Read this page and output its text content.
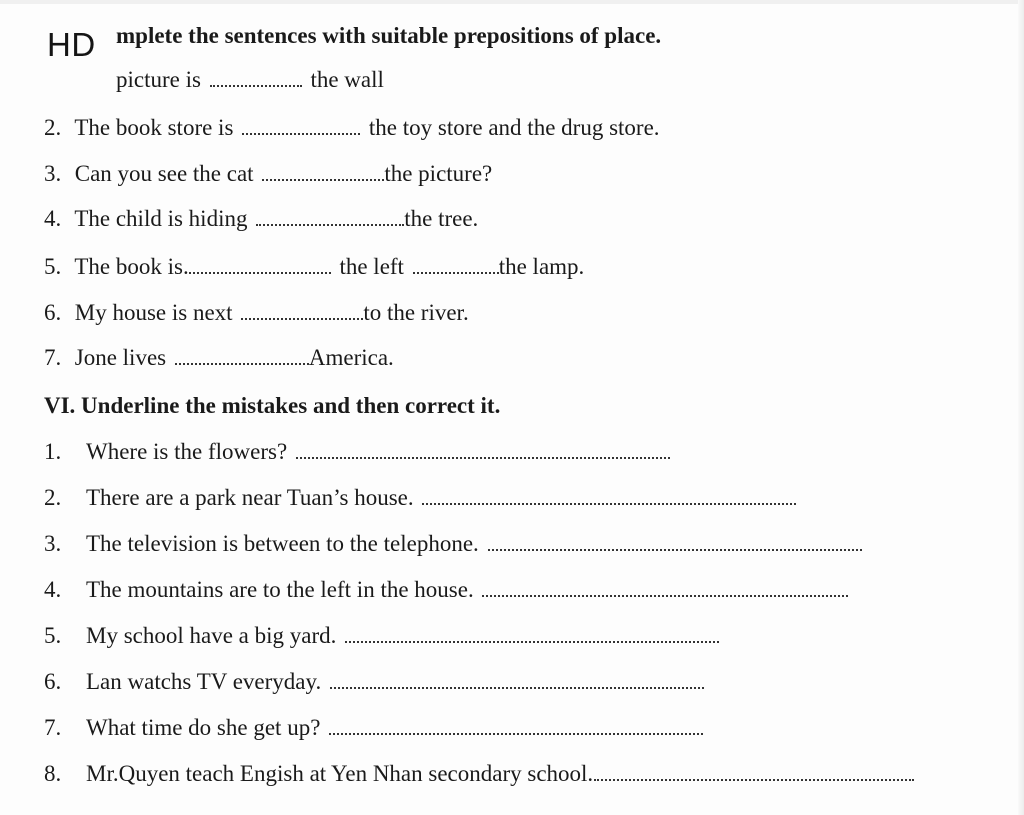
HD mplete the sentences with suitable prepositions of place.
picture is	the wall
2. The book store is	the toy store and the drug store.
3. Can you see the cat	the picture?
4. The child is hiding	the tree.
5. The book is.	the left	the lamp.
6. My house is next	to the river.
7. Jone lives	America.
VI. Underline the mistakes and then correct it.
1. Where is the flowers?
2. There are a park near Tuan’s house.
3. The television is between to the telephone.
4. The mountains are to the left in the house.
5. My school have a big yard.
6. Lan watchs TV everyday.
7. What time do she get up?
8. Mr.Quyen teach Engish at Yen Nhan secondary school.
